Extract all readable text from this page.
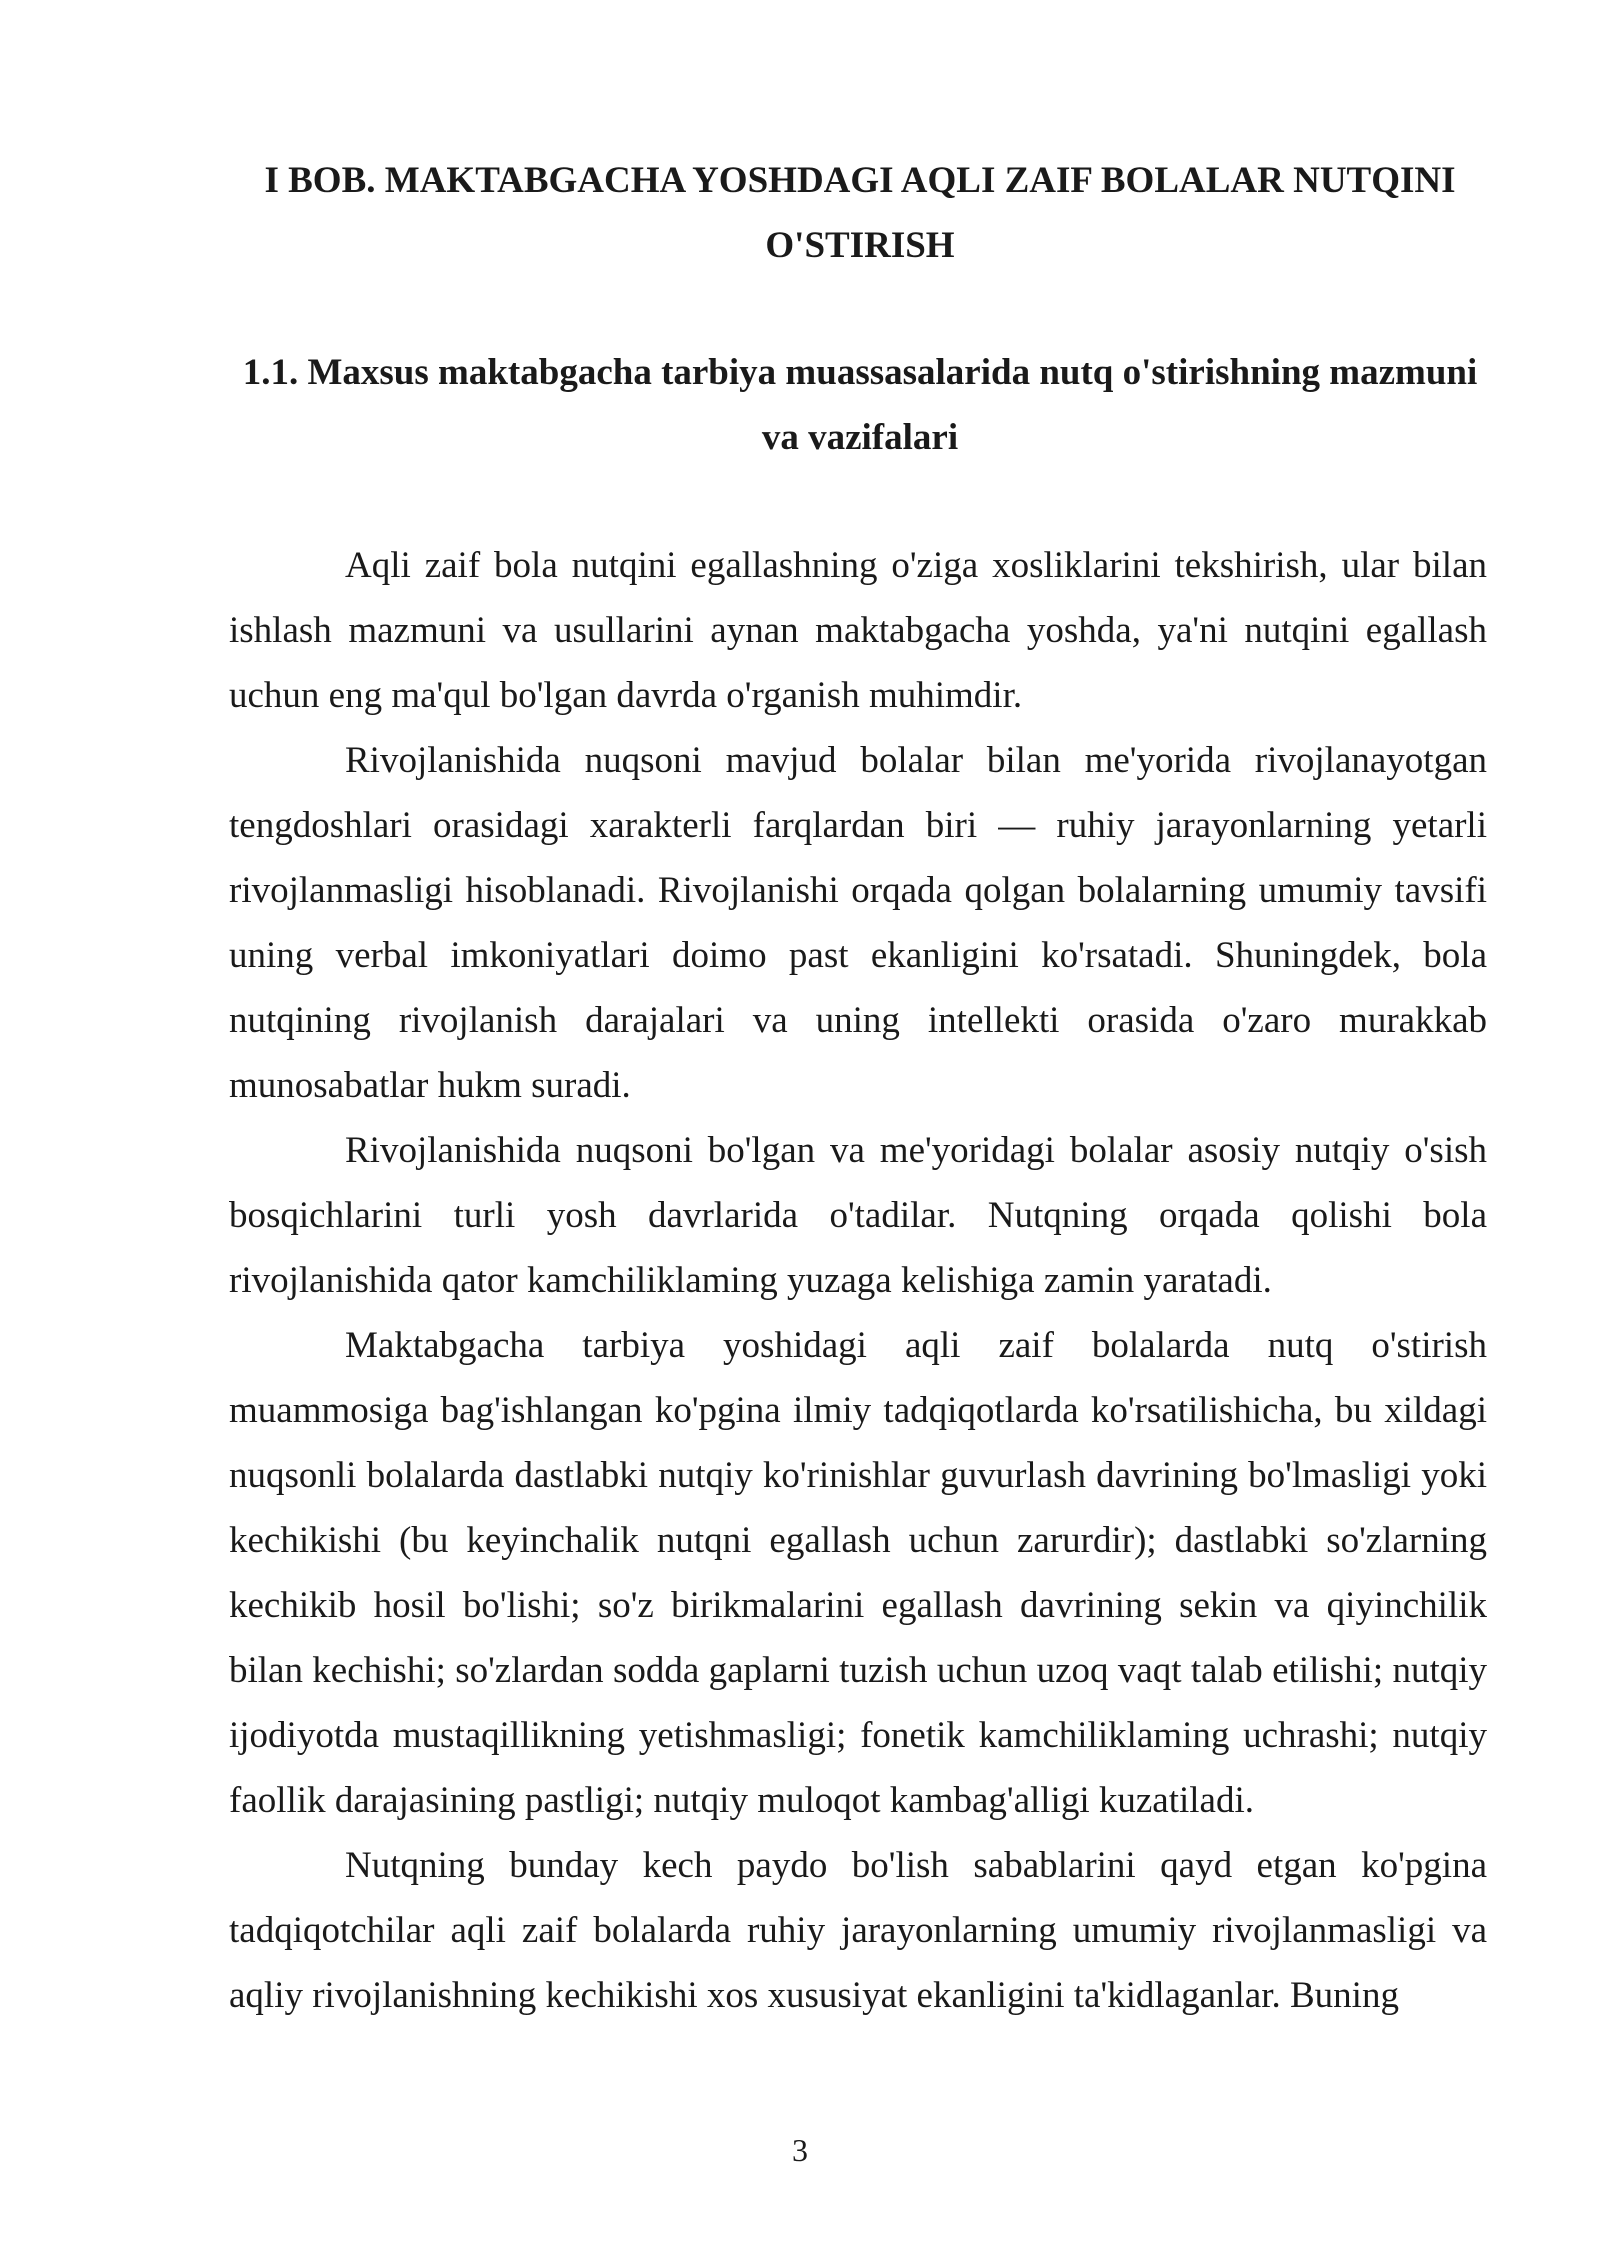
I BOB. MAKTABGACHA YOSHDAGI AQLI ZAIF BOLALAR NUTQINI O'STIRISH
1.1. Maxsus maktabgacha tarbiya muassasalarida nutq o'stirishning mazmuni va vazifalari

Aqli zaif bola nutqini egallashning o'ziga xosliklarini tekshirish, ular bilan ishlash mazmuni va usullarini aynan maktabgacha yoshda, ya'ni nutqini egallash uchun eng ma'qul bo'lgan davrda o'rganish muhimdir.

Rivojlanishida nuqsoni mavjud bolalar bilan me'yorida rivojlanayotgan tengdoshlari orasidagi xarakterli farqlardan biri — ruhiy jarayonlarning yetarli rivojlanmasligi hisoblanadi. Rivojlanishi orqada qolgan bolalarning umumiy tavsifi uning verbal imkoniyatlari doimo past ekanligini ko'rsatadi. Shuningdek, bola nutqining rivojlanish darajalari va uning intellekti orasida o'zaro murakkab munosabatlar hukm suradi.

Rivojlanishida nuqsoni bo'lgan va me'yoridagi bolalar asosiy nutqiy o'sish bosqichlarini turli yosh davrlarida o'tadilar. Nutqning orqada qolishi bola rivojlanishida qator kamchiliklaming yuzaga kelishiga zamin yaratadi.

Maktabgacha tarbiya yoshidagi aqli zaif bolalarda nutq o'stirish muammosiga bag'ishlangan ko'pgina ilmiy tadqiqotlarda ko'rsatilishicha, bu xildagi nuqsonli bolalarda dastlabki nutqiy ko'rinishlar guvurlash davrining bo'lmasligi yoki kechikishi (bu keyinchalik nutqni egallash uchun zarurdir); dastlabki so'zlarning kechikib hosil bo'lishi; so'z birikmalarini egallash davrining sekin va qiyinchilik bilan kechishi; so'zlardan sodda gaplarni tuzish uchun uzoq vaqt talab etilishi; nutqiy ijodiyotda mustaqillikning yetishmasligi; fonetik kamchiliklaming uchrashi; nutqiy faollik darajasining pastligi; nutqiy muloqot kambag'alligi kuzatiladi.

Nutqning bunday kech paydo bo'lish sabablarini qayd etgan ko'pgina tadqiqotchilar aqli zaif bolalarda ruhiy jarayonlarning umumiy rivojlanmasligi va aqliy rivojlanishning kechikishi xos xususiyat ekanligini ta'kidlaganlar. Buning

3
